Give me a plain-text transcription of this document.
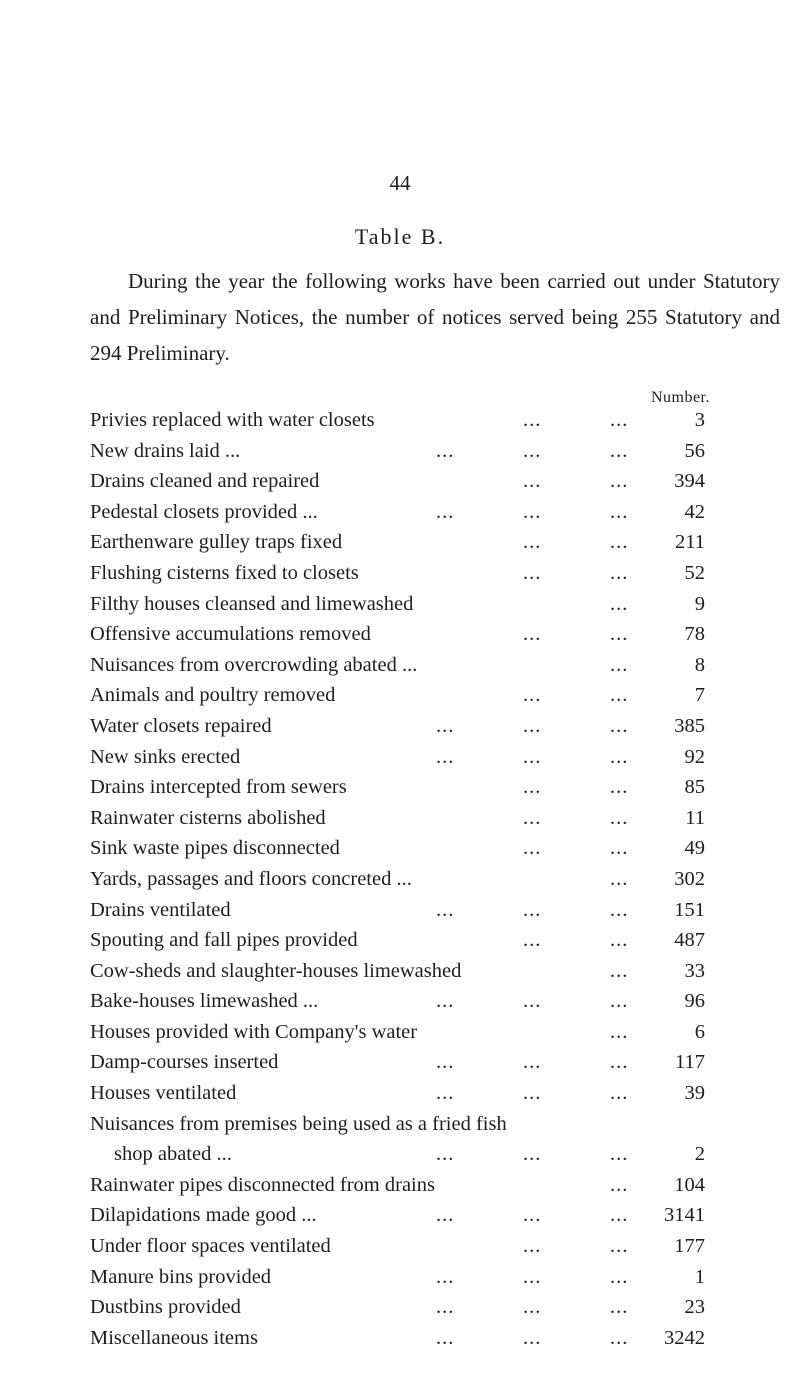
44
Table B.

During the year the following works have been carried out under Statutory and Preliminary Notices, the number of notices served being 255 Statutory and 294 Preliminary.

Number.
Privies replaced with water closets	...	...	3
New drains laid ...	...	...	...	56
Drains cleaned and repaired	...	...	394
Pedestal closets provided ...	...	...	...	42
Earthenware gulley traps fixed	...	...	211
Flushing cisterns fixed to closets	...	...	52
Filthy houses cleansed and limewashed	...	9
Offensive accumulations removed	...	...	78
Nuisances from overcrowding abated ...	...	8
Animals and poultry removed	...	...	7
Water closets repaired	...	...	...	385
New sinks erected	...	...	...	92
Drains intercepted from sewers	...	...	85
Rainwater cisterns abolished	...	...	11
Sink waste pipes disconnected	...	...	49
Yards, passages and floors concreted ...	...	302
Drains ventilated	...	...	...	151
Spouting and fall pipes provided	...	...	487
Cow-sheds and slaughter-houses limewashed	...	33
Bake-houses limewashed ...	...	...	...	96
Houses provided with Company's water	...	6
Damp-courses inserted	...	...	...	117
Houses ventilated	...	...	...	39
Nuisances from premises being used as a fried fish
shop abated ...	...	...	...	2
Rainwater pipes disconnected from drains	...	104
Dilapidations made good ...	...	...	...	3141
Under floor spaces ventilated	...	...	177
Manure bins provided	...	...	...	1
Dustbins provided	...	...	...	23
Miscellaneous items	...	...	...	3242
